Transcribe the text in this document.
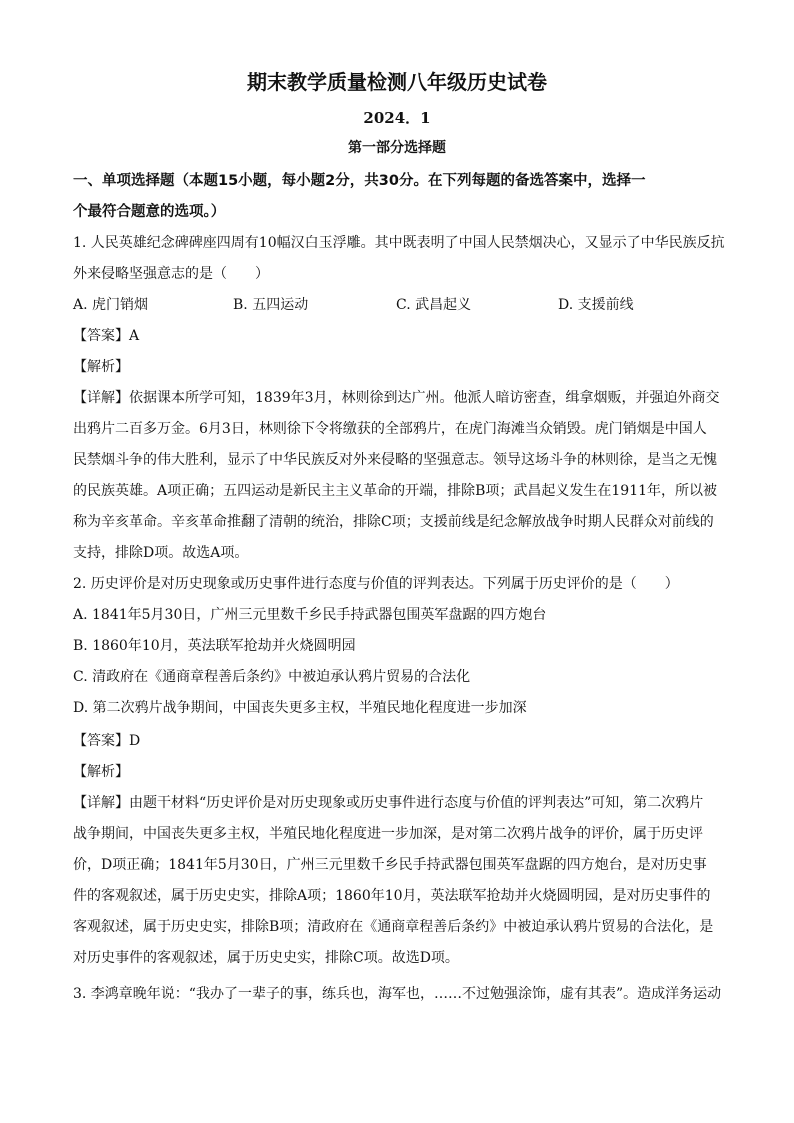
期末教学质量检测八年级历史试卷
2024．1
第一部分选择题
一、单项选择题（本题15小题，每小题2分，共30分。在下列每题的备选答案中，选择一
个最符合题意的选项。）
1. 人民英雄纪念碑碑座四周有10幅汉白玉浮雕。其中既表明了中国人民禁烟决心，又显示了中华民族反抗
外来侵略坚强意志的是（　　）
A. 虎门销烟	B. 五四运动	C. 武昌起义	D. 支援前线
【答案】A
【解析】
【详解】依据课本所学可知，1839年3月，林则徐到达广州。他派人暗访密查，缉拿烟贩，并强迫外商交
出鸦片二百多万金。6月3日，林则徐下令将缴获的全部鸦片，在虎门海滩当众销毁。虎门销烟是中国人
民禁烟斗争的伟大胜利，显示了中华民族反对外来侵略的坚强意志。领导这场斗争的林则徐，是当之无愧
的民族英雄。A项正确；五四运动是新民主主义革命的开端，排除B项；武昌起义发生在1911年，所以被
称为辛亥革命。辛亥革命推翻了清朝的统治，排除C项；支援前线是纪念解放战争时期人民群众对前线的
支持，排除D项。故选A项。
2. 历史评价是对历史现象或历史事件进行态度与价值的评判表达。下列属于历史评价的是（　　）
A. 1841年5月30日，广州三元里数千乡民手持武器包围英军盘踞的四方炮台
B. 1860年10月，英法联军抢劫并火烧圆明园
C. 清政府在《通商章程善后条约》中被迫承认鸦片贸易的合法化
D. 第二次鸦片战争期间，中国丧失更多主权，半殖民地化程度进一步加深
【答案】D
【解析】
【详解】由题干材料“历史评价是对历史现象或历史事件进行态度与价值的评判表达”可知，第二次鸦片
战争期间，中国丧失更多主权，半殖民地化程度进一步加深，是对第二次鸦片战争的评价，属于历史评
价，D项正确；1841年5月30日，广州三元里数千乡民手持武器包围英军盘踞的四方炮台，是对历史事
件的客观叙述，属于历史史实，排除A项；1860年10月，英法联军抢劫并火烧圆明园，是对历史事件的
客观叙述，属于历史史实，排除B项；清政府在《通商章程善后条约》中被迫承认鸦片贸易的合法化，是
对历史事件的客观叙述，属于历史史实，排除C项。故选D项。
3. 李鸿章晚年说：“我办了一辈子的事，练兵也，海军也，……不过勉强涂饰，虚有其表”。造成洋务运动
